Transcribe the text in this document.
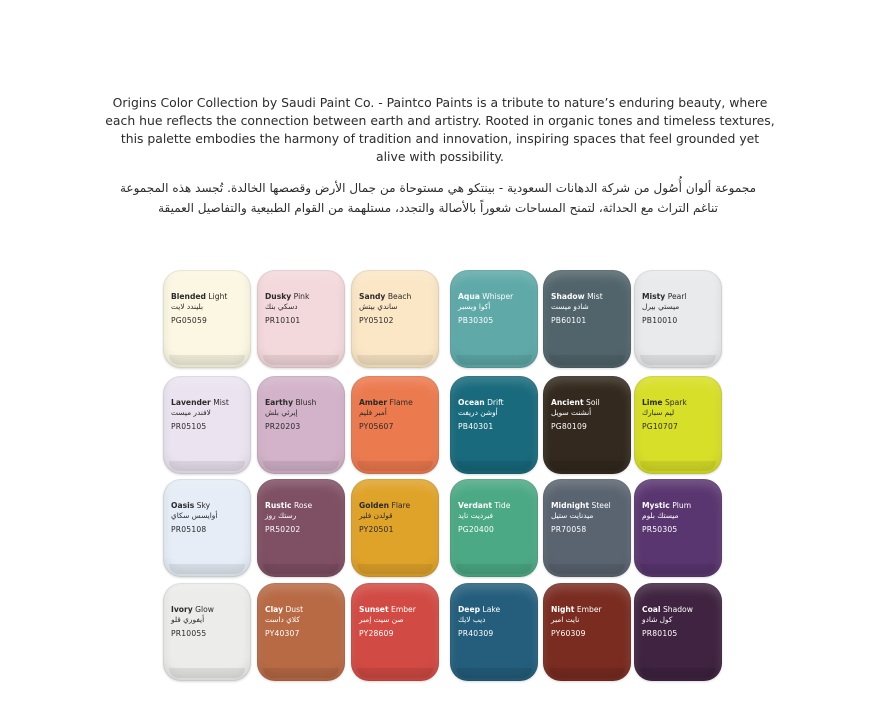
Origins Color Collection by Saudi Paint Co. - Paintco Paints is a tribute to nature’s enduring beauty, where each hue reflects the connection between earth and artistry. Rooted in organic tones and timeless textures, this palette embodies the harmony of tradition and innovation, inspiring spaces that feel grounded yet alive with possibility.

مجموعة ألوان أُصُول من شركة الدهانات السعودية - بينتكو هي مستوحاة من جمال الأرض وقصصها الخالدة. تُجسد هذه المجموعة تناغم التراث مع الحداثة، لتمنح المساحات شعوراً بالأصالة والتجدد، مستلهمة من القوام الطبيعية والتفاصيل العميقة

Blended Light
بليندد لايت
PG05059
Dusky Pink
دسكي بنك
PR10101
Sandy Beach
ساندي بيتش
PY05102
Aqua Whisper
أكوا ويسبر
PB30305
Shadow Mist
شادو ميست
PB60101
Misty Pearl
ميستي بيرل
PB10010
Lavender Mist
لافندر ميست
PR05105
Earthy Blush
إيرثي بلش
PR20203
Amber Flame
أمبر فليم
PY05607
Ocean Drift
أوشن دريفت
PB40301
Ancient Soil
أنشنت سويل
PG80109
Lime Spark
ليم سبارك
PG10707
Oasis Sky
أوايسس سكاي
PR05108
Rustic Rose
رستك روز
PR50202
Golden Flare
قولدن فلير
PY20501
Verdant Tide
فيرديت تايد
PG20400
Midnight Steel
ميدنايت ستيل
PR70058
Mystic Plum
ميستك بلوم
PR50305
Ivory Glow
أيفوري قلو
PR10055
Clay Dust
كلاي داست
PY40307
Sunset Ember
صن سيت إمبر
PY28609
Deep Lake
ديب لايك
PR40309
Night Ember
نايت امبر
PY60309
Coal Shadow
كول شادو
PR80105
